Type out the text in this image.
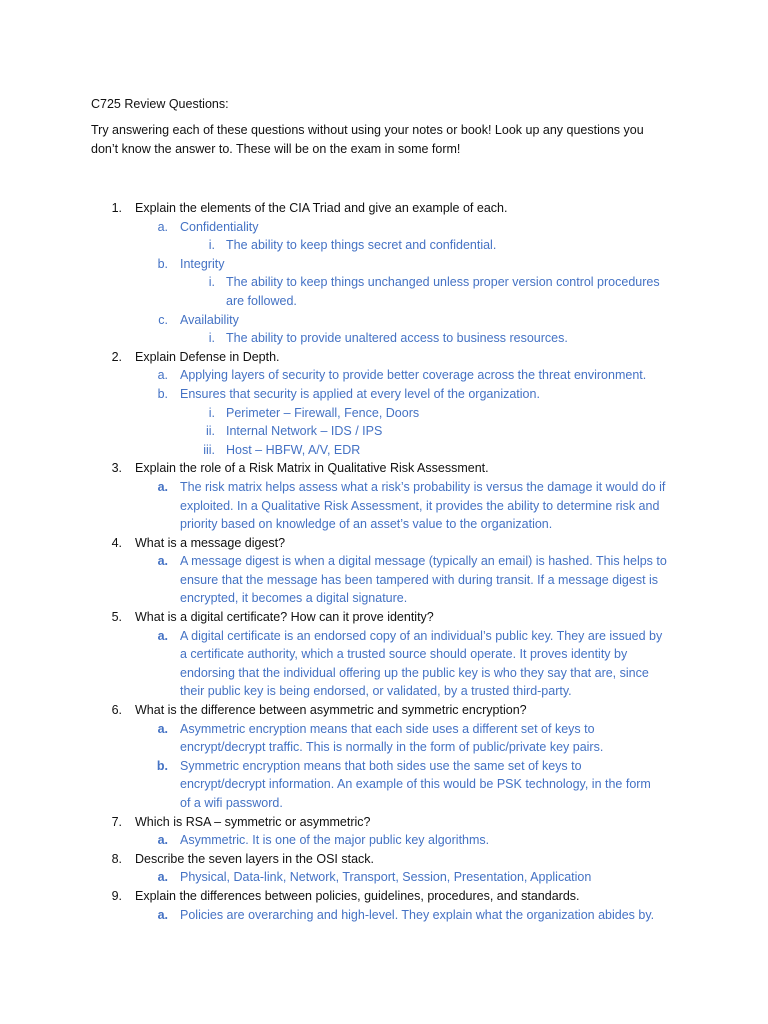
C725 Review Questions:
Try answering each of these questions without using your notes or book! Look up any questions you
don’t know the answer to. These will be on the exam in some form!
1. Explain the elements of the CIA Triad and give an example of each.
a. Confidentiality
i. The ability to keep things secret and confidential.
b. Integrity
i. The ability to keep things unchanged unless proper version control procedures
are followed.
c. Availability
i. The ability to provide unaltered access to business resources.
2. Explain Defense in Depth.
a. Applying layers of security to provide better coverage across the threat environment.
b. Ensures that security is applied at every level of the organization.
i. Perimeter – Firewall, Fence, Doors
ii. Internal Network – IDS / IPS
iii. Host – HBFW, A/V, EDR
3. Explain the role of a Risk Matrix in Qualitative Risk Assessment.
a. The risk matrix helps assess what a risk’s probability is versus the damage it would do if
exploited. In a Qualitative Risk Assessment, it provides the ability to determine risk and
priority based on knowledge of an asset’s value to the organization.
4. What is a message digest?
a. A message digest is when a digital message (typically an email) is hashed. This helps to
ensure that the message has been tampered with during transit. If a message digest is
encrypted, it becomes a digital signature.
5. What is a digital certificate? How can it prove identity?
a. A digital certificate is an endorsed copy of an individual’s public key. They are issued by
a certificate authority, which a trusted source should operate. It proves identity by
endorsing that the individual offering up the public key is who they say that are, since
their public key is being endorsed, or validated, by a trusted third-party.
6. What is the difference between asymmetric and symmetric encryption?
a. Asymmetric encryption means that each side uses a different set of keys to
encrypt/decrypt traffic. This is normally in the form of public/private key pairs.
b. Symmetric encryption means that both sides use the same set of keys to
encrypt/decrypt information. An example of this would be PSK technology, in the form
of a wifi password.
7. Which is RSA – symmetric or asymmetric?
a. Asymmetric. It is one of the major public key algorithms.
8. Describe the seven layers in the OSI stack.
a. Physical, Data-link, Network, Transport, Session, Presentation, Application
9. Explain the differences between policies, guidelines, procedures, and standards.
a. Policies are overarching and high-level. They explain what the organization abides by.
